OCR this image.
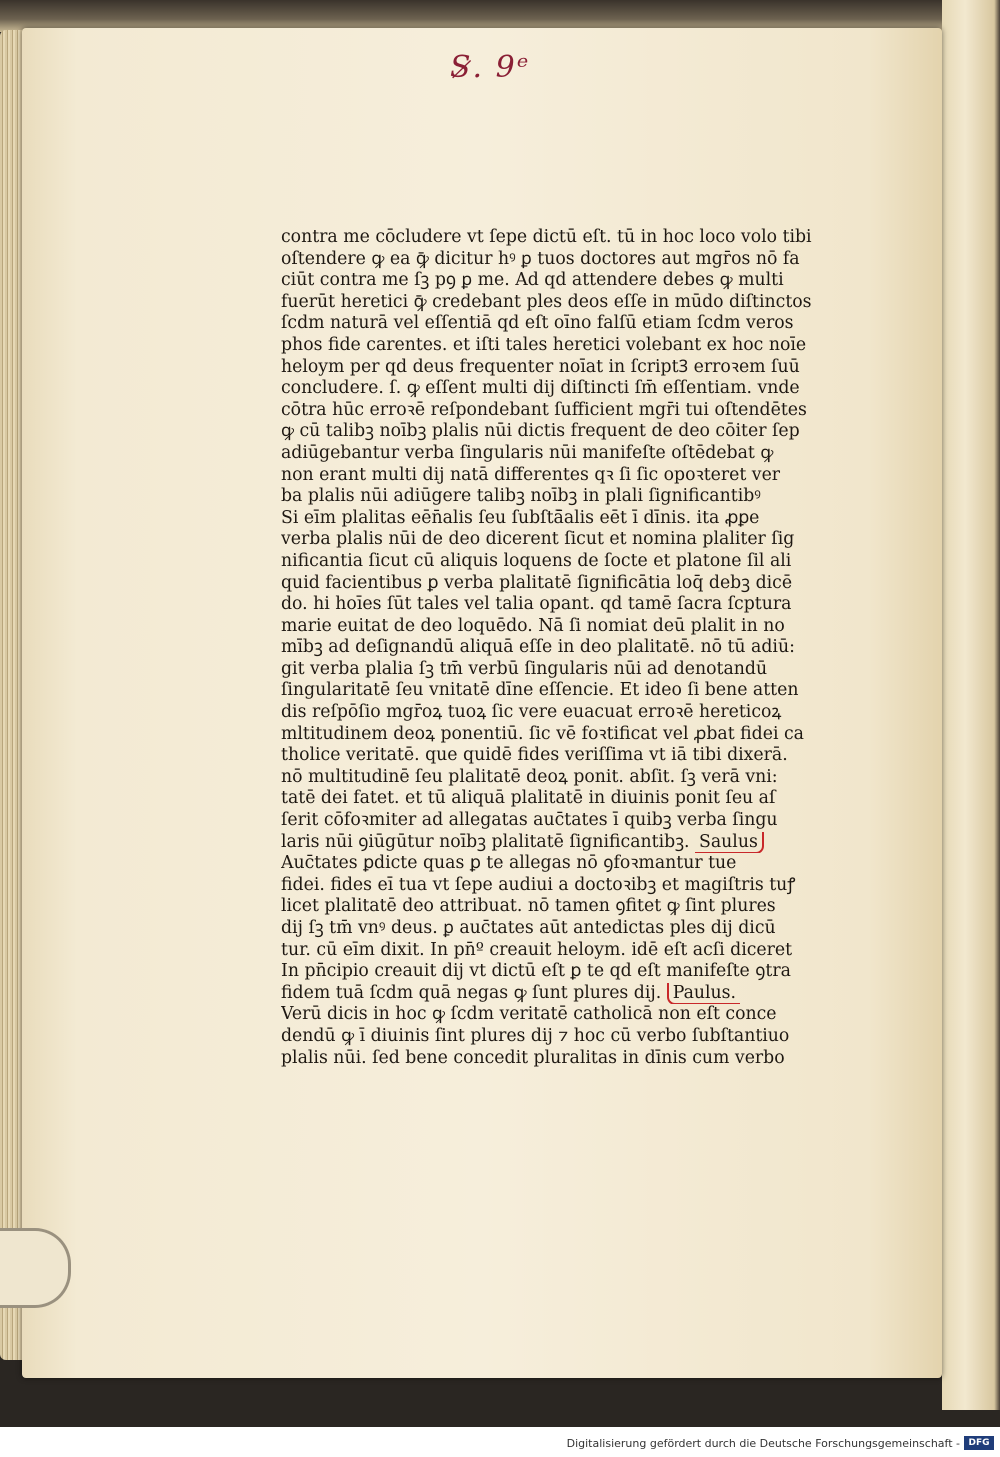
S̷. 9ᵉ
contra me cōcludere vt ſepe dictū eſt. tū in hoc loco volo tibi
oſtendere ꝙ ea ꝙ̄ dicitur hꝰ ꝑ tuos doctores aut mgr̄os nō fa
ciūt contra me ſꝫ pꝯ ꝑ me. Ad qd̄ attendere debes ꝙ multi
fuerūt heretici ꝙ̄ credebant pl̄es deos eſſe in mūdo diſtinctos
ſcd̄m naturā vel eſſentiā qd̄ eſt oīno falſū etiam ſcd̄m veros
phos fide carentes. et iſti tales heretici volebant ex hoc noīe
heloym per qd̄ deus frequenter noīat̄ in ſcriptꝪ erroꝛem ſuū
concludere. ſ. ꝙ eſſent multi dij diſtincti ſm̄ eſſentiam. vnde
cōtra hūc erroꝛē reſpondebant ſufficient̄ mgr̄i tui oſtendētes
ꝙ cū talibꝫ noībꝫ pl̄alis nūi dictis frequent̄ de deo cōiter ſep
adiūgebantur verba ſingularis nūi manifeſte oſtēdebat̄ ꝙ
non erant multi dij natā differentes qꝛ ſi ſic opoꝛteret ver
ba pl̄alis nūi adiūgere talibꝫ noībꝫ in pl̄ali ſignificantibꝰ
Si eīm pl̄alitas eēn̄alis ſeu ſubſtā̄alis eēt ī dīnis. ita ꝓꝑe
verba pl̄alis nūi de deo dicerent̄ ſicut et nomina pl̄aliter ſig
nificantia ſicut cū aliquis loquens de ſocte et platone ſil̄ ali
quid facientibus ꝑ verba pl̄alitatē ſignificātia loq̄ debꝫ dicē
do. hi hoīes ſūt tales vel talia opant̄. qd̄ tamē ſacra ſcptura
marie euitat de deo loquēdo. Nā ſi nomiat deū pl̄alit in no
mībꝫ ad deſignandū aliquā eſſe in deo pl̄alitatē. nō tū adiū:
git verba pl̄alia ſꝫ tm̄ verbū ſingularis nūi ad denotandū
ſingularitatē ſeu vnitatē dīne eſſencie. Et ideo ſi bene atten
dis reſpōſio mgr̄oꝝ tuoꝝ ſic vere euacuat erroꝛē hereticoꝝ
mltitudinem deoꝝ ponentiū. ſic vē foꝛtificat vel ꝓbat fidei ca
tholice veritatē. que quidē fides veriſſima vt iā tibi dixerā.
nō multitudinē ſeu pl̄alitatē deoꝝ ponit. abſit. ſꝫ verā vni:
tatē dei fatet̄. et tū aliquā pl̄alitatē in diuinis ponit ſeu aſ
ſerit cōfoꝛmiter ad allegatas auc̄tates ī quibꝫ verba ſingu
laris nūi ꝯiūgūtur noībꝫ pl̄alitatē ſignificantibꝫ. Saulus
Auc̄tates ꝑdicte quas ꝑ te allegas nō ꝯfoꝛmantur tue
fidei. fides eī tua vt ſepe audiui a doctoꝛibꝫ et magiſtris tuꝭ
licet pl̄alitatē deo attribuat. nō tamen ꝯfitet̄ ꝙ ſint plures
dij ſꝫ tm̄ vnꝰ deus. ꝑ auc̄tates aūt antedictas pl̄es dij dicū
tur. cū eīm dixit. In pn̄º creauit heloym. idē eſt acſi diceret
In pn̄cipio creauit dij vt dictū eſt ꝑ te qd̄ eſt manifeſte ꝯtra
fidem tuā ſcd̄m quā negas ꝙ ſunt plures dij. Paulus.
Verū dicis in hoc ꝙ ſcd̄m veritatē catholicā non eſt conce
dendū ꝙ ī diuinis ſint plures dij ⁊ hoc cū verbo ſubſtantiuo
pl̄alis nūi. ſed bene concedit̄ pluralitas in dīnis cum verbo
Digitalisierung gefördert durch die Deutsche Forschungsgemeinschaft - DFG
